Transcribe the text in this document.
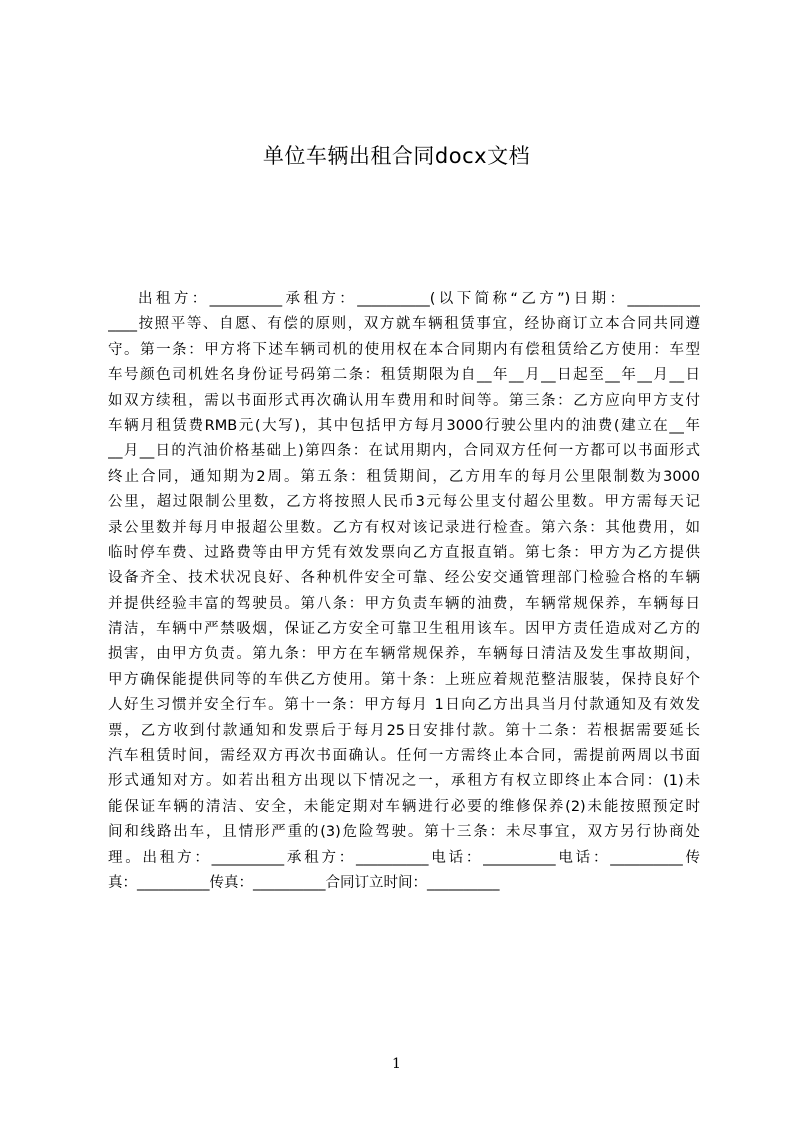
单位车辆出租合同docx文档
出租方：__________承租方：__________(以下简称“乙方”)日期：__________
____按照平等、自愿、有偿的原则，双方就车辆租赁事宜，经协商订立本合同共同遵
守。第一条：甲方将下述车辆司机的使用权在本合同期内有偿租赁给乙方使用：车型
车号颜色司机姓名身份证号码第二条：租赁期限为自__年__月__日起至__年__月__日
如双方续租，需以书面形式再次确认用车费用和时间等。第三条：乙方应向甲方支付
车辆月租赁费RMB元(大写)，其中包括甲方每月3000行驶公里内的油费(建立在__年
__月__日的汽油价格基础上)第四条：在试用期内，合同双方任何一方都可以书面形式
终止合同，通知期为2周。第五条：租赁期间，乙方用车的每月公里限制数为3000
公里，超过限制公里数，乙方将按照人民币3元每公里支付超公里数。甲方需每天记
录公里数并每月申报超公里数。乙方有权对该记录进行检查。第六条：其他费用，如
临时停车费、过路费等由甲方凭有效发票向乙方直报直销。第七条：甲方为乙方提供
设备齐全、技术状况良好、各种机件安全可靠、经公安交通管理部门检验合格的车辆
并提供经验丰富的驾驶员。第八条：甲方负责车辆的油费，车辆常规保养，车辆每日
清洁，车辆中严禁吸烟，保证乙方安全可靠卫生租用该车。因甲方责任造成对乙方的
损害，由甲方负责。第九条：甲方在车辆常规保养，车辆每日清洁及发生事故期间，
甲方确保能提供同等的车供乙方使用。第十条：上班应着规范整洁服装，保持良好个
人好生习惯并安全行车。第十一条：甲方每月 1日向乙方出具当月付款通知及有效发
票，乙方收到付款通知和发票后于每月25日安排付款。第十二条：若根据需要延长
汽车租赁时间，需经双方再次书面确认。任何一方需终止本合同，需提前两周以书面
形式通知对方。如若出租方出现以下情况之一，承租方有权立即终止本合同：(1)未
能保证车辆的清洁、安全，未能定期对车辆进行必要的维修保养(2)未能按照预定时
间和线路出车，且情形严重的(3)危险驾驶。第十三条：未尽事宜，双方另行协商处
理。出租方：__________承租方：__________电话：__________电话：__________传
真：__________传真：__________合同订立时间：__________
1
